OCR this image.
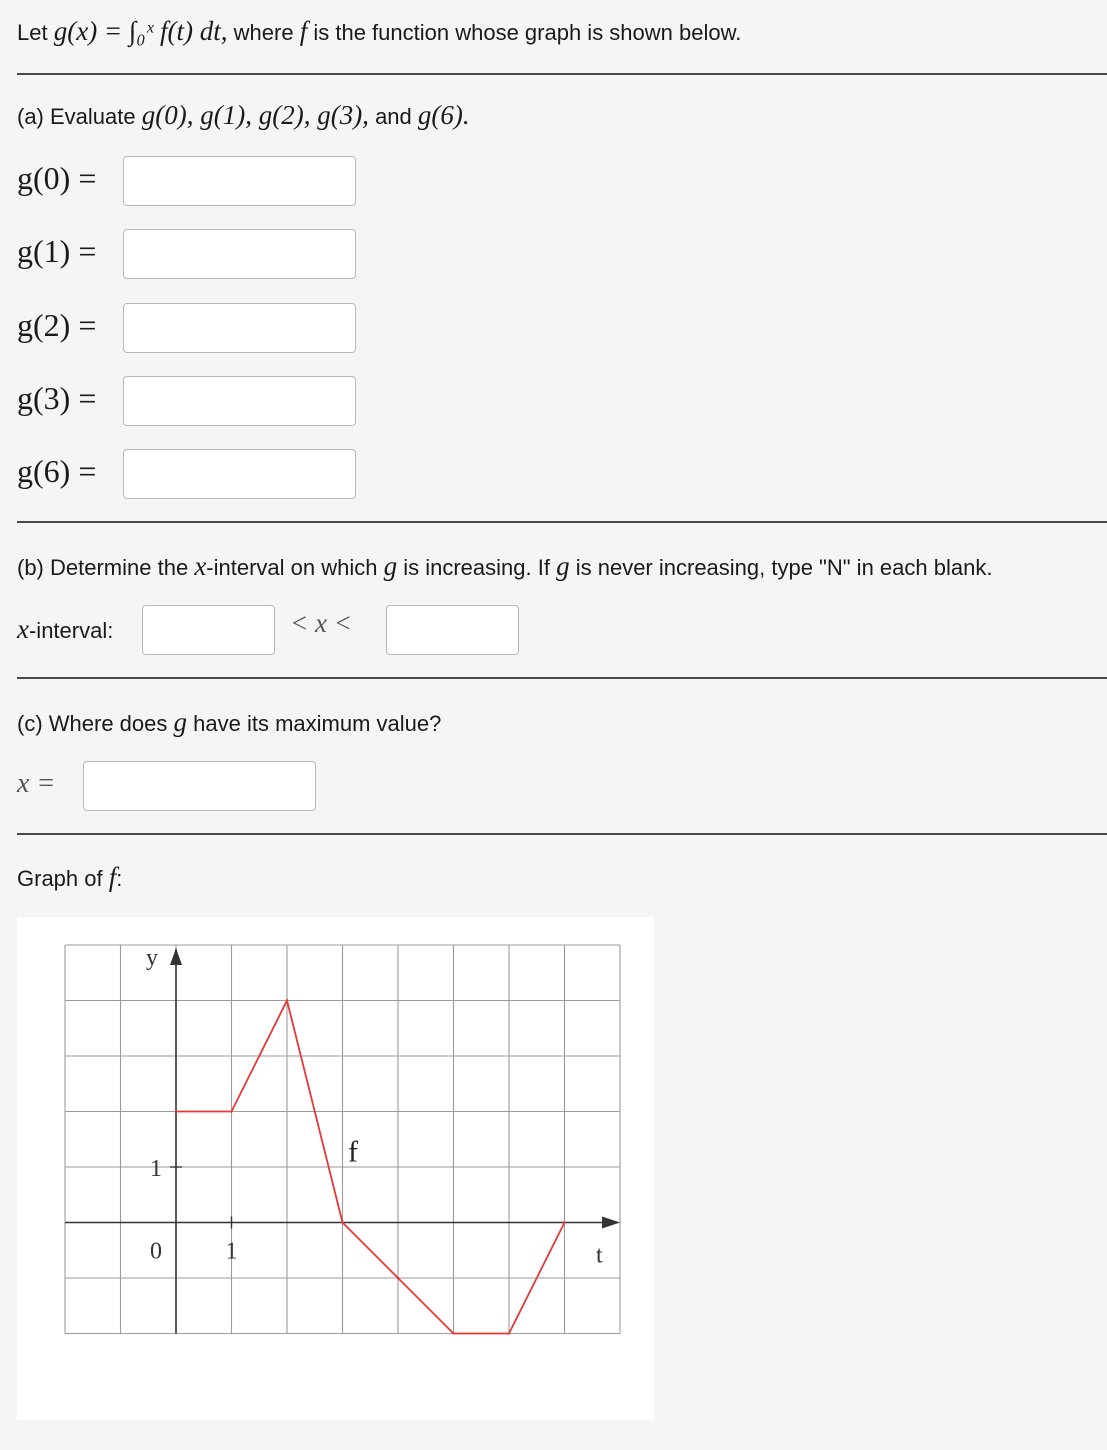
Let g(x) = ∫₀ˣ f(t) dt, where f is the function whose graph is shown below.
(a) Evaluate g(0), g(1), g(2), g(3), and g(6).
g(0) =
g(1) =
g(2) =
g(3) =
g(6) =
(b) Determine the x-interval on which g is increasing. If g is never increasing, type "N" in each blank.
x-interval:	< x <
(c) Where does g have its maximum value?
x =
Graph of f:
y
t
0	1
1
f
